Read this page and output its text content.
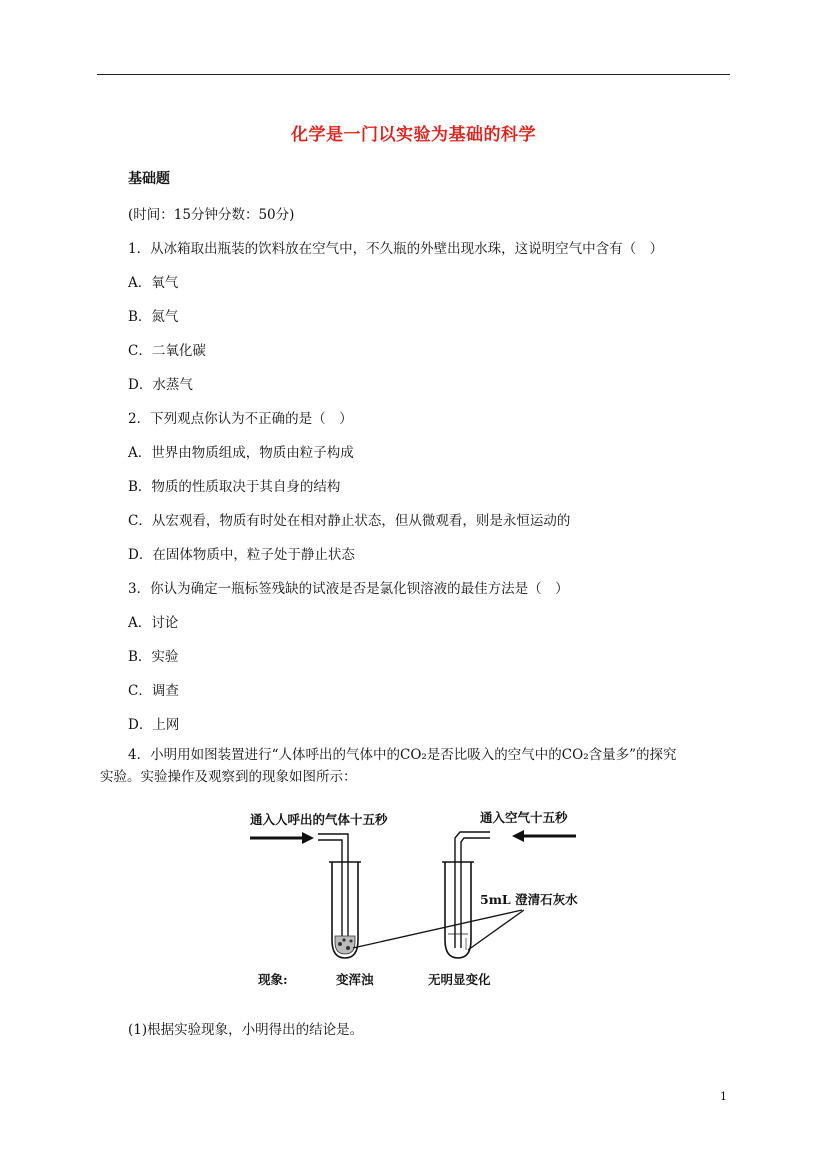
化学是一门以实验为基础的科学
基础题
(时间：15分钟分数：50分)
1．从冰箱取出瓶装的饮料放在空气中，不久瓶的外壁出现水珠，这说明空气中含有（　）
A．氧气
B．氮气
C．二氧化碳
D．水蒸气
2．下列观点你认为不正确的是（　）
A．世界由物质组成，物质由粒子构成
B．物质的性质取决于其自身的结构
C．从宏观看，物质有时处在相对静止状态，但从微观看，则是永恒运动的
D．在固体物质中，粒子处于静止状态
3．你认为确定一瓶标签残缺的试液是否是氯化钡溶液的最佳方法是（　）
A．讨论
B．实验
C．调查
D．上网
4．小明用如图装置进行“人体呼出的气体中的CO₂是否比吸入的空气中的CO₂含量多”的探究
实验。实验操作及观察到的现象如图所示：
通入人呼出的气体十五秒	通入空气十五秒
5mL 澄清石灰水
现象:	变浑浊	无明显变化
(1)根据实验现象，小明得出的结论是。
1
